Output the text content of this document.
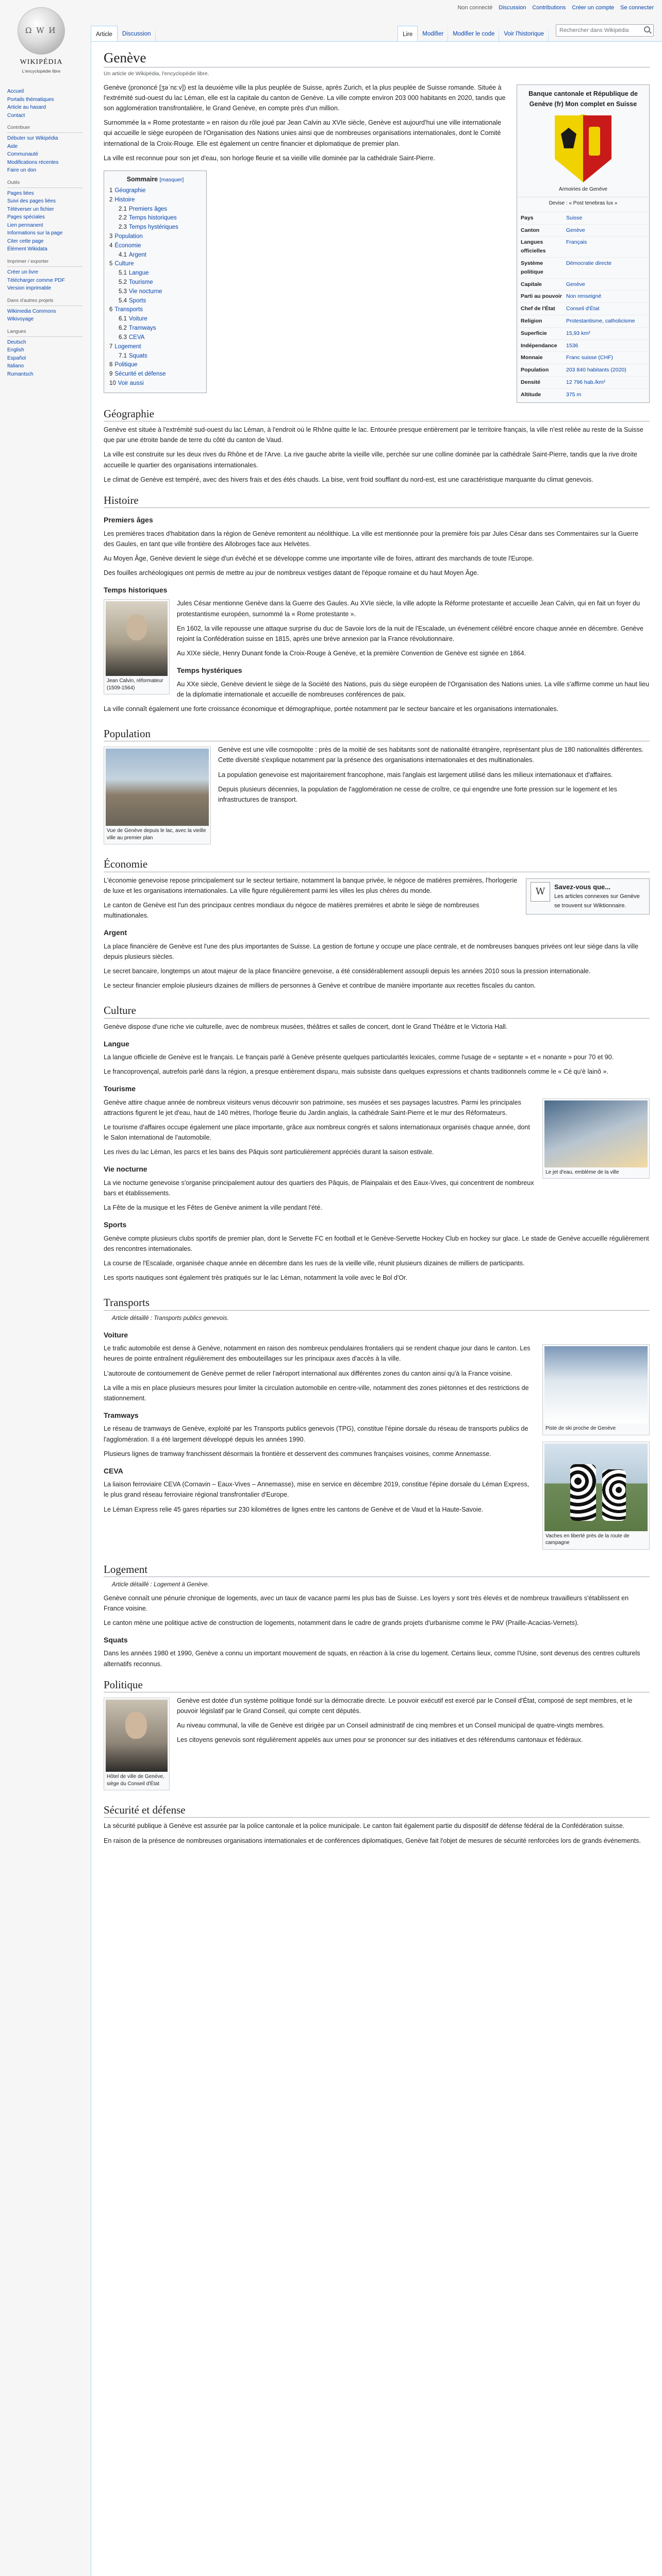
Ω W И
WIKIPÉDIA
L'encyclopédie libre
Accueil
Portails thématiques
Article au hasard
Contact
Contribuer
Débuter sur Wikipédia
Aide
Communauté
Modifications récentes
Faire un don
Outils
Pages liées
Suivi des pages liées
Téléverser un fichier
Pages spéciales
Lien permanent
Informations sur la page
Citer cette page
Élément Wikidata
Imprimer / exporter
Créer un livre
Télécharger comme PDF
Version imprimable
Dans d'autres projets
Wikimedia Commons
Wikivoyage
Langues
Deutsch
English
Español
Italiano
Rumantsch
Non connecté Discussion Contributions Créer un compte Se connecter
Article	Discussion	Lire	Modifier	Modifier le code	Voir l'historique
Rechercher dans Wikipédia
Genève
Un article de Wikipédia, l'encyclopédie libre.
Banque cantonale et République de Genève (fr) Mon complet en Suisse
Armoiries de Genève
Devise : « Post tenebras lux »
Pays	Suisse
Canton	Genève
Langues officielles	Français
Système politique	Démocratie directe
Capitale	Genève
Parti au pouvoir	Non renseigné
Chef de l'État	Conseil d'État
Religion	Protestantisme, catholicisme
Superficie	15,93 km²
Indépendance	1536
Monnaie	Franc suisse (CHF)
Population	203 840 habitants (2020)
Densité	12 796 hab./km²
Altitude	375 m

Genève (prononcé [ʒəˈnɛːv]) est la deuxième ville la plus peuplée de Suisse, après Zurich, et la plus peuplée de Suisse romande. Située à l'extrémité sud-ouest du lac Léman, elle est la capitale du canton de Genève. La ville compte environ 203 000 habitants en 2020, tandis que son agglomération transfrontalière, le Grand Genève, en compte près d'un million.

Surnommée la « Rome protestante » en raison du rôle joué par Jean Calvin au XVIe siècle, Genève est aujourd'hui une ville internationale qui accueille le siège européen de l'Organisation des Nations unies ainsi que de nombreuses organisations internationales, dont le Comité international de la Croix-Rouge. Elle est également un centre financier et diplomatique de premier plan.

La ville est reconnue pour son jet d'eau, son horloge fleurie et sa vieille ville dominée par la cathédrale Saint-Pierre.

Sommaire [masquer]
1 Géographie
2 Histoire
2.1 Premiers âges
2.2 Temps historiques
2.3 Temps hystériques
3 Population
4 Économie
4.1 Argent
5 Culture
5.1 Langue
5.2 Tourisme
5.3 Vie nocturne
5.4 Sports
6 Transports
6.1 Voiture
6.2 Tramways
6.3 CEVA
7 Logement
7.1 Squats
8 Politique
9 Sécurité et défense
10 Voir aussi
Géographie

Genève est située à l'extrémité sud-ouest du lac Léman, à l'endroit où le Rhône quitte le lac. Entourée presque entièrement par le territoire français, la ville n'est reliée au reste de la Suisse que par une étroite bande de terre du côté du canton de Vaud.

La ville est construite sur les deux rives du Rhône et de l'Arve. La rive gauche abrite la vieille ville, perchée sur une colline dominée par la cathédrale Saint-Pierre, tandis que la rive droite accueille le quartier des organisations internationales.

Le climat de Genève est tempéré, avec des hivers frais et des étés chauds. La bise, vent froid soufflant du nord-est, est une caractéristique marquante du climat genevois.

Histoire
Premiers âges

Les premières traces d'habitation dans la région de Genève remontent au néolithique. La ville est mentionnée pour la première fois par Jules César dans ses Commentaires sur la Guerre des Gaules, en tant que ville frontière des Allobroges face aux Helvètes.

Au Moyen Âge, Genève devient le siège d'un évêché et se développe comme une importante ville de foires, attirant des marchands de toute l'Europe.

Des fouilles archéologiques ont permis de mettre au jour de nombreux vestiges datant de l'époque romaine et du haut Moyen Âge.

Temps historiques
Jean Calvin, réformateur (1509-1564)

Jules César mentionne Genève dans la Guerre des Gaules. Au XVIe siècle, la ville adopte la Réforme protestante et accueille Jean Calvin, qui en fait un foyer du protestantisme européen, surnommé la « Rome protestante ».

En 1602, la ville repousse une attaque surprise du duc de Savoie lors de la nuit de l'Escalade, un événement célébré encore chaque année en décembre. Genève rejoint la Confédération suisse en 1815, après une brève annexion par la France révolutionnaire.

Au XIXe siècle, Henry Dunant fonde la Croix-Rouge à Genève, et la première Convention de Genève est signée en 1864.

Temps hystériques

Au XXe siècle, Genève devient le siège de la Société des Nations, puis du siège européen de l'Organisation des Nations unies. La ville s'affirme comme un haut lieu de la diplomatie internationale et accueille de nombreuses conférences de paix.

La ville connaît également une forte croissance économique et démographique, portée notamment par le secteur bancaire et les organisations internationales.

Population
Vue de Genève depuis le lac, avec la vieille ville au premier plan

Genève est une ville cosmopolite : près de la moitié de ses habitants sont de nationalité étrangère, représentant plus de 180 nationalités différentes. Cette diversité s'explique notamment par la présence des organisations internationales et des multinationales.

La population genevoise est majoritairement francophone, mais l'anglais est largement utilisé dans les milieux internationaux et d'affaires.

Depuis plusieurs décennies, la population de l'agglomération ne cesse de croître, ce qui engendre une forte pression sur le logement et les infrastructures de transport.

Économie
W	Savez-vous que...
Les articles connexes sur Genève se trouvent sur Wiktionnaire.

L'économie genevoise repose principalement sur le secteur tertiaire, notamment la banque privée, le négoce de matières premières, l'horlogerie de luxe et les organisations internationales. La ville figure régulièrement parmi les villes les plus chères du monde.

Le canton de Genève est l'un des principaux centres mondiaux du négoce de matières premières et abrite le siège de nombreuses multinationales.

Argent

La place financière de Genève est l'une des plus importantes de Suisse. La gestion de fortune y occupe une place centrale, et de nombreuses banques privées ont leur siège dans la ville depuis plusieurs siècles.

Le secret bancaire, longtemps un atout majeur de la place financière genevoise, a été considérablement assoupli depuis les années 2010 sous la pression internationale.

Le secteur financier emploie plusieurs dizaines de milliers de personnes à Genève et contribue de manière importante aux recettes fiscales du canton.

Culture

Genève dispose d'une riche vie culturelle, avec de nombreux musées, théâtres et salles de concert, dont le Grand Théâtre et le Victoria Hall.

Langue

La langue officielle de Genève est le français. Le français parlé à Genève présente quelques particularités lexicales, comme l'usage de « septante » et « nonante » pour 70 et 90.

Le francoprovençal, autrefois parlé dans la région, a presque entièrement disparu, mais subsiste dans quelques expressions et chants traditionnels comme le « Cé qu'è lainô ».

Tourisme
Le jet d'eau, emblème de la ville

Genève attire chaque année de nombreux visiteurs venus découvrir son patrimoine, ses musées et ses paysages lacustres. Parmi les principales attractions figurent le jet d'eau, haut de 140 mètres, l'horloge fleurie du Jardin anglais, la cathédrale Saint-Pierre et le mur des Réformateurs.

Le tourisme d'affaires occupe également une place importante, grâce aux nombreux congrès et salons internationaux organisés chaque année, dont le Salon international de l'automobile.

Les rives du lac Léman, les parcs et les bains des Pâquis sont particulièrement appréciés durant la saison estivale.

Vie nocturne

La vie nocturne genevoise s'organise principalement autour des quartiers des Pâquis, de Plainpalais et des Eaux-Vives, qui concentrent de nombreux bars et établissements.

La Fête de la musique et les Fêtes de Genève animent la ville pendant l'été.

Sports

Genève compte plusieurs clubs sportifs de premier plan, dont le Servette FC en football et le Genève-Servette Hockey Club en hockey sur glace. Le stade de Genève accueille régulièrement des rencontres internationales.

La course de l'Escalade, organisée chaque année en décembre dans les rues de la vieille ville, réunit plusieurs dizaines de milliers de participants.

Les sports nautiques sont également très pratiqués sur le lac Léman, notamment la voile avec le Bol d'Or.

Transports
Article détaillé : Transports publics genevois.
Voiture
Piste de ski proche de Genève
Vaches en liberté près de la route de campagne

Le trafic automobile est dense à Genève, notamment en raison des nombreux pendulaires frontaliers qui se rendent chaque jour dans le canton. Les heures de pointe entraînent régulièrement des embouteillages sur les principaux axes d'accès à la ville.

L'autoroute de contournement de Genève permet de relier l'aéroport international aux différentes zones du canton ainsi qu'à la France voisine.

La ville a mis en place plusieurs mesures pour limiter la circulation automobile en centre-ville, notamment des zones piétonnes et des restrictions de stationnement.

Tramways

Le réseau de tramways de Genève, exploité par les Transports publics genevois (TPG), constitue l'épine dorsale du réseau de transports publics de l'agglomération. Il a été largement développé depuis les années 1990.

Plusieurs lignes de tramway franchissent désormais la frontière et desservent des communes françaises voisines, comme Annemasse.

CEVA

La liaison ferroviaire CEVA (Cornavin – Eaux-Vives – Annemasse), mise en service en décembre 2019, constitue l'épine dorsale du Léman Express, le plus grand réseau ferroviaire régional transfrontalier d'Europe.

Le Léman Express relie 45 gares réparties sur 230 kilomètres de lignes entre les cantons de Genève et de Vaud et la Haute-Savoie.

Logement
Article détaillé : Logement à Genève.

Genève connaît une pénurie chronique de logements, avec un taux de vacance parmi les plus bas de Suisse. Les loyers y sont très élevés et de nombreux travailleurs s'établissent en France voisine.

Le canton mène une politique active de construction de logements, notamment dans le cadre de grands projets d'urbanisme comme le PAV (Praille-Acacias-Vernets).

Squats

Dans les années 1980 et 1990, Genève a connu un important mouvement de squats, en réaction à la crise du logement. Certains lieux, comme l'Usine, sont devenus des centres culturels alternatifs reconnus.

Politique
Hôtel de ville de Genève, siège du Conseil d'État

Genève est dotée d'un système politique fondé sur la démocratie directe. Le pouvoir exécutif est exercé par le Conseil d'État, composé de sept membres, et le pouvoir législatif par le Grand Conseil, qui compte cent députés.

Au niveau communal, la ville de Genève est dirigée par un Conseil administratif de cinq membres et un Conseil municipal de quatre-vingts membres.

Les citoyens genevois sont régulièrement appelés aux urnes pour se prononcer sur des initiatives et des référendums cantonaux et fédéraux.

Sécurité et défense

La sécurité publique à Genève est assurée par la police cantonale et la police municipale. Le canton fait également partie du dispositif de défense fédéral de la Confédération suisse.

En raison de la présence de nombreuses organisations internationales et de conférences diplomatiques, Genève fait l'objet de mesures de sécurité renforcées lors de grands événements.
